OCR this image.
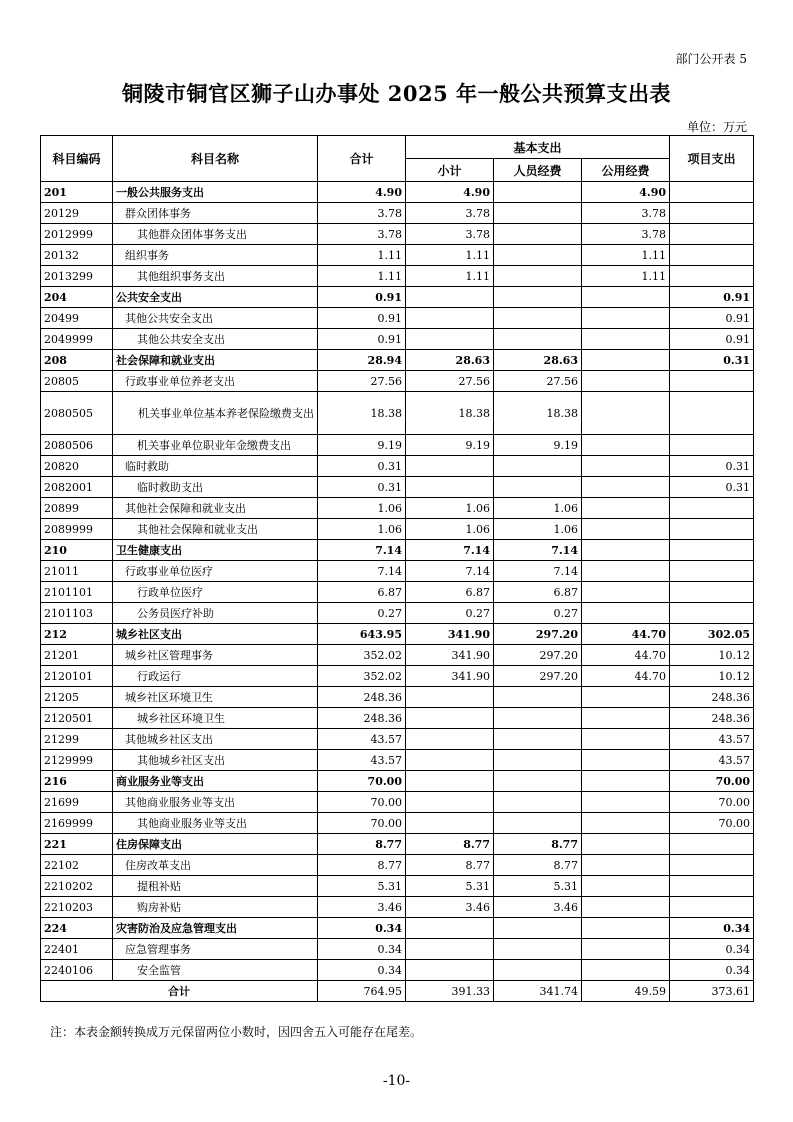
部门公开表 5
铜陵市铜官区狮子山办事处 2025 年一般公共预算支出表
单位：万元
科目编码	科目名称	合计	基本支出			项目支出
			小计	人员经费	公用经费	
201	一般公共服务支出	4.90	4.90		4.90	
20129	群众团体事务	3.78	3.78		3.78	
2012999	其他群众团体事务支出	3.78	3.78		3.78	
20132	组织事务	1.11	1.11		1.11	
2013299	其他组织事务支出	1.11	1.11		1.11	
204	公共安全支出	0.91				0.91
20499	其他公共安全支出	0.91				0.91
2049999	其他公共安全支出	0.91				0.91
208	社会保障和就业支出	28.94	28.63	28.63		0.31
20805	行政事业单位养老支出	27.56	27.56	27.56		
2080505	机关事业单位基本养老保险缴费支出	18.38	18.38	18.38		
2080506	机关事业单位职业年金缴费支出	9.19	9.19	9.19		
20820	临时救助	0.31				0.31
2082001	临时救助支出	0.31				0.31
20899	其他社会保障和就业支出	1.06	1.06	1.06		
2089999	其他社会保障和就业支出	1.06	1.06	1.06		
210	卫生健康支出	7.14	7.14	7.14		
21011	行政事业单位医疗	7.14	7.14	7.14		
2101101	行政单位医疗	6.87	6.87	6.87		
2101103	公务员医疗补助	0.27	0.27	0.27		
212	城乡社区支出	643.95	341.90	297.20	44.70	302.05
21201	城乡社区管理事务	352.02	341.90	297.20	44.70	10.12
2120101	行政运行	352.02	341.90	297.20	44.70	10.12
21205	城乡社区环境卫生	248.36				248.36
2120501	城乡社区环境卫生	248.36				248.36
21299	其他城乡社区支出	43.57				43.57
2129999	其他城乡社区支出	43.57				43.57
216	商业服务业等支出	70.00				70.00
21699	其他商业服务业等支出	70.00				70.00
2169999	其他商业服务业等支出	70.00				70.00
221	住房保障支出	8.77	8.77	8.77		
22102	住房改革支出	8.77	8.77	8.77		
2210202	提租补贴	5.31	5.31	5.31		
2210203	购房补贴	3.46	3.46	3.46		
224	灾害防治及应急管理支出	0.34				0.34
22401	应急管理事务	0.34				0.34
2240106	安全监管	0.34				0.34
合计		764.95	391.33	341.74	49.59	373.61
注：本表金额转换成万元保留两位小数时，因四舍五入可能存在尾差。
-10-
